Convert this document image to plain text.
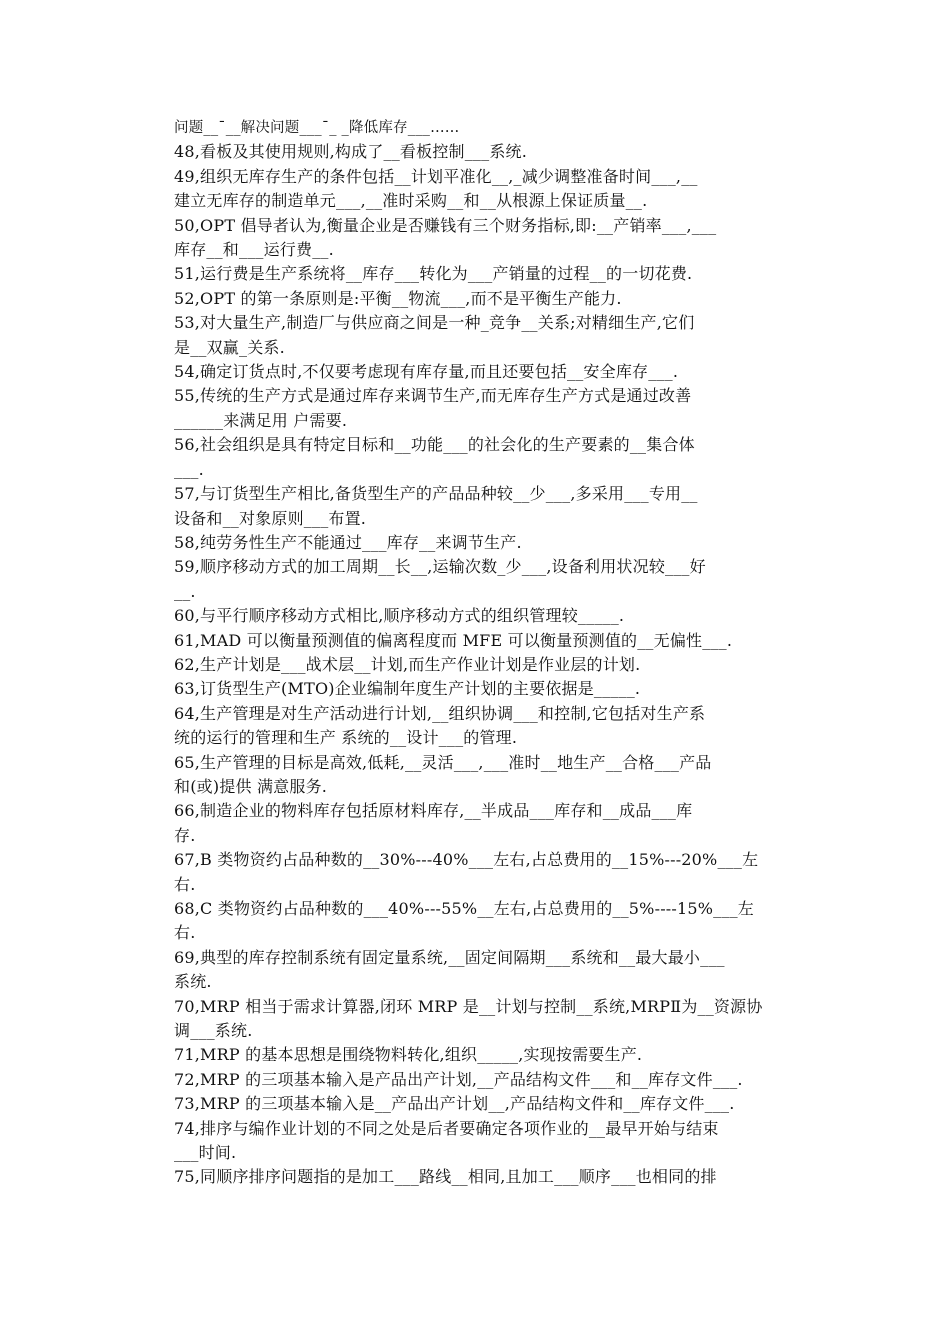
问题__ˉ__解决问题___ˉ_ _降低库存___……
48,看板及其使用规则,构成了__看板控制___系统.
49,组织无库存生产的条件包括__计划平准化__,_减少调整准备时间___,__
建立无库存的制造单元___,__准时采购__和__从根源上保证质量__.
50,OPT 倡导者认为,衡量企业是否赚钱有三个财务指标,即:__产销率___,___
库存__和___运行费__.
51,运行费是生产系统将__库存___转化为___产销量的过程__的一切花费.
52,OPT 的第一条原则是:平衡__物流___,而不是平衡生产能力.
53,对大量生产,制造厂与供应商之间是一种_竞争__关系;对精细生产,它们
是__双赢_关系.
54,确定订货点时,不仅要考虑现有库存量,而且还要包括__安全库存___.
55,传统的生产方式是通过库存来调节生产,而无库存生产方式是通过改善
______来满足用 户需要.
56,社会组织是具有特定目标和__功能___的社会化的生产要素的__集合体
___.
57,与订货型生产相比,备货型生产的产品品种较__少___,多采用___专用__
设备和__对象原则___布置.
58,纯劳务性生产不能通过___库存__来调节生产.
59,顺序移动方式的加工周期__长__,运输次数_少___,设备利用状况较___好
__.
60,与平行顺序移动方式相比,顺序移动方式的组织管理较_____.
61,MAD 可以衡量预测值的偏离程度而 MFE 可以衡量预测值的__无偏性___.
62,生产计划是___战术层__计划,而生产作业计划是作业层的计划.
63,订货型生产(MTO)企业编制年度生产计划的主要依据是_____.
64,生产管理是对生产活动进行计划,__组织协调___和控制,它包括对生产系
统的运行的管理和生产 系统的__设计___的管理.
65,生产管理的目标是高效,低耗,__灵活___,___准时__地生产__合格___产品
和(或)提供 满意服务.
66,制造企业的物料库存包括原材料库存,__半成品___库存和__成品___库
存.
67,B 类物资约占品种数的__30%---40%___左右,占总费用的__15%---20%___左
右.
68,C 类物资约占品种数的___40%---55%__左右,占总费用的__5%----15%___左
右.
69,典型的库存控制系统有固定量系统,__固定间隔期___系统和__最大最小___
系统.
70,MRP 相当于需求计算器,闭环 MRP 是__计划与控制__系统,MRPⅡ为__资源协
调___系统.
71,MRP 的基本思想是围绕物料转化,组织_____,实现按需要生产.
72,MRP 的三项基本输入是产品出产计划,__产品结构文件___和__库存文件___.
73,MRP 的三项基本输入是__产品出产计划__,产品结构文件和__库存文件___.
74,排序与编作业计划的不同之处是后者要确定各项作业的__最早开始与结束
___时间.
75,同顺序排序问题指的是加工___路线__相同,且加工___顺序___也相同的排
